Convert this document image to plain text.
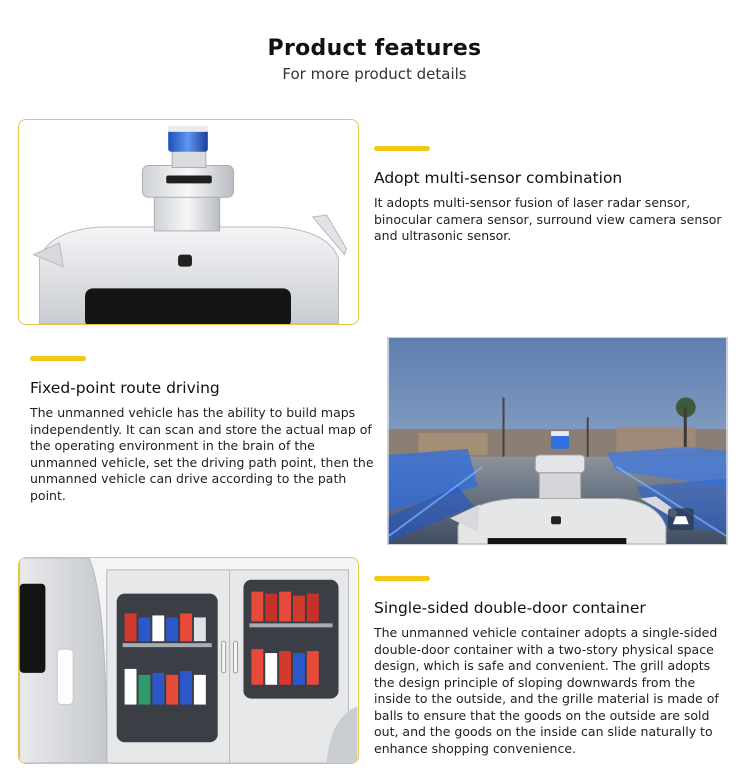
Product features

For more product details

Adopt multi-sensor combination

It adopts multi-sensor fusion of laser radar sensor, binocular camera sensor, surround view camera sensor and ultrasonic sensor.

Fixed-point route driving

The unmanned vehicle has the ability to build maps independently. It can scan and store the actual map of the operating environment in the brain of the unmanned vehicle, set the driving path point, then the unmanned vehicle can drive according to the path point.

Single-sided double-door container

The unmanned vehicle container adopts a single-sided double-door container with a two-story physical space design, which is safe and convenient. The grill adopts the design principle of sloping downwards from the inside to the outside, and the grille material is made of balls to ensure that the goods on the outside are sold out, and the goods on the inside can slide naturally to enhance shopping convenience.
